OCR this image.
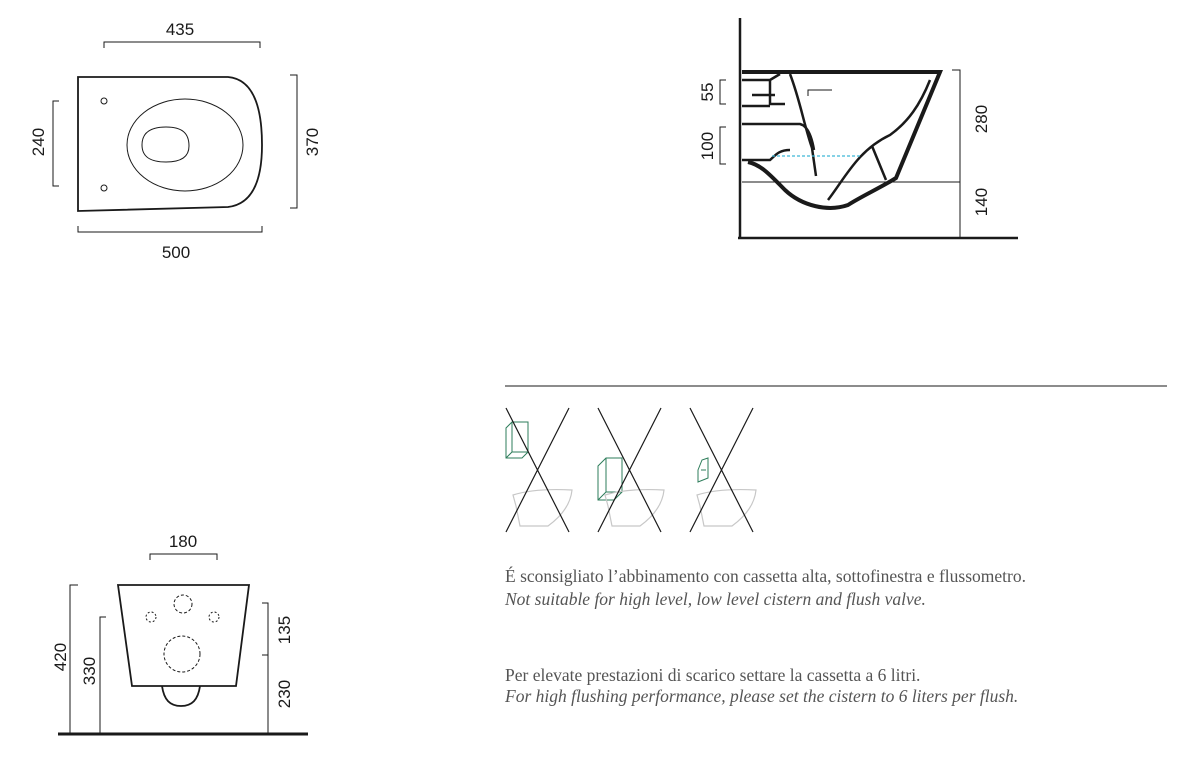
435
500
240	370
55
100
280
140
180
420 330
135
230
É sconsigliato l’abbinamento con cassetta alta, sottofinestra e flussometro.
Not suitable for high level, low level cistern and flush valve.
Per elevate prestazioni di scarico settare la cassetta a 6 litri.
For high flushing performance, please set the cistern to 6 liters per flush.
